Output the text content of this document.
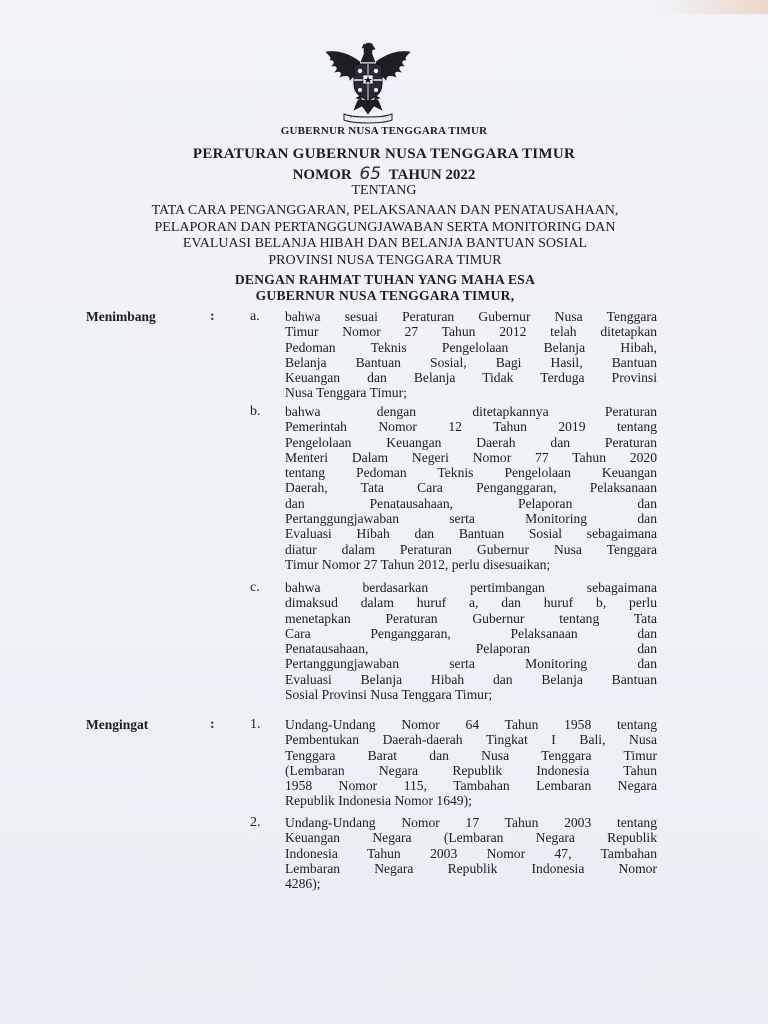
GUBERNUR NUSA TENGGARA TIMUR
PERATURAN GUBERNUR NUSA TENGGARA TIMUR
NOMOR 65 TAHUN 2022
TENTANG
TATA CARA PENGANGGARAN, PELAKSANAAN DAN PENATAUSAHAAN,
PELAPORAN DAN PERTANGGUNGJAWABAN SERTA MONITORING DAN
EVALUASI BELANJA HIBAH DAN BELANJA BANTUAN SOSIAL
PROVINSI NUSA TENGGARA TIMUR
DENGAN RAHMAT TUHAN YANG MAHA ESA
GUBERNUR NUSA TENGGARA TIMUR,
Menimbang	:	a. bahwa sesuai Peraturan Gubernur Nusa Tenggara
Timur Nomor 27 Tahun 2012 telah ditetapkan
Pedoman Teknis Pengelolaan Belanja Hibah,
Belanja Bantuan Sosial, Bagi Hasil, Bantuan
Keuangan dan Belanja Tidak Terduga Provinsi
Nusa Tenggara Timur;
b. bahwa dengan ditetapkannya Peraturan
Pemerintah Nomor 12 Tahun 2019 tentang
Pengelolaan Keuangan Daerah dan Peraturan
Menteri Dalam Negeri Nomor 77 Tahun 2020
tentang Pedoman Teknis Pengelolaan Keuangan
Daerah, Tata Cara Penganggaran, Pelaksanaan
dan Penatausahaan, Pelaporan dan
Pertanggungjawaban serta Monitoring dan
Evaluasi Hibah dan Bantuan Sosial sebagaimana
diatur dalam Peraturan Gubernur Nusa Tenggara
Timur Nomor 27 Tahun 2012, perlu disesuaikan;
c. bahwa berdasarkan pertimbangan sebagaimana
dimaksud dalam huruf a, dan huruf b, perlu
menetapkan Peraturan Gubernur tentang Tata
Cara Penganggaran, Pelaksanaan dan
Penatausahaan, Pelaporan dan
Pertanggungjawaban serta Monitoring dan
Evaluasi Belanja Hibah dan Belanja Bantuan
Sosial Provinsi Nusa Tenggara Timur;
Mengingat	:	1. Undang-Undang Nomor 64 Tahun 1958 tentang
Pembentukan Daerah-daerah Tingkat I Bali, Nusa
Tenggara Barat dan Nusa Tenggara Timur
(Lembaran Negara Republik Indonesia Tahun
1958 Nomor 115, Tambahan Lembaran Negara
Republik Indonesia Nomor 1649);
2. Undang-Undang Nomor 17 Tahun 2003 tentang
Keuangan Negara (Lembaran Negara Republik
Indonesia Tahun 2003 Nomor 47, Tambahan
Lembaran Negara Republik Indonesia Nomor
4286);
